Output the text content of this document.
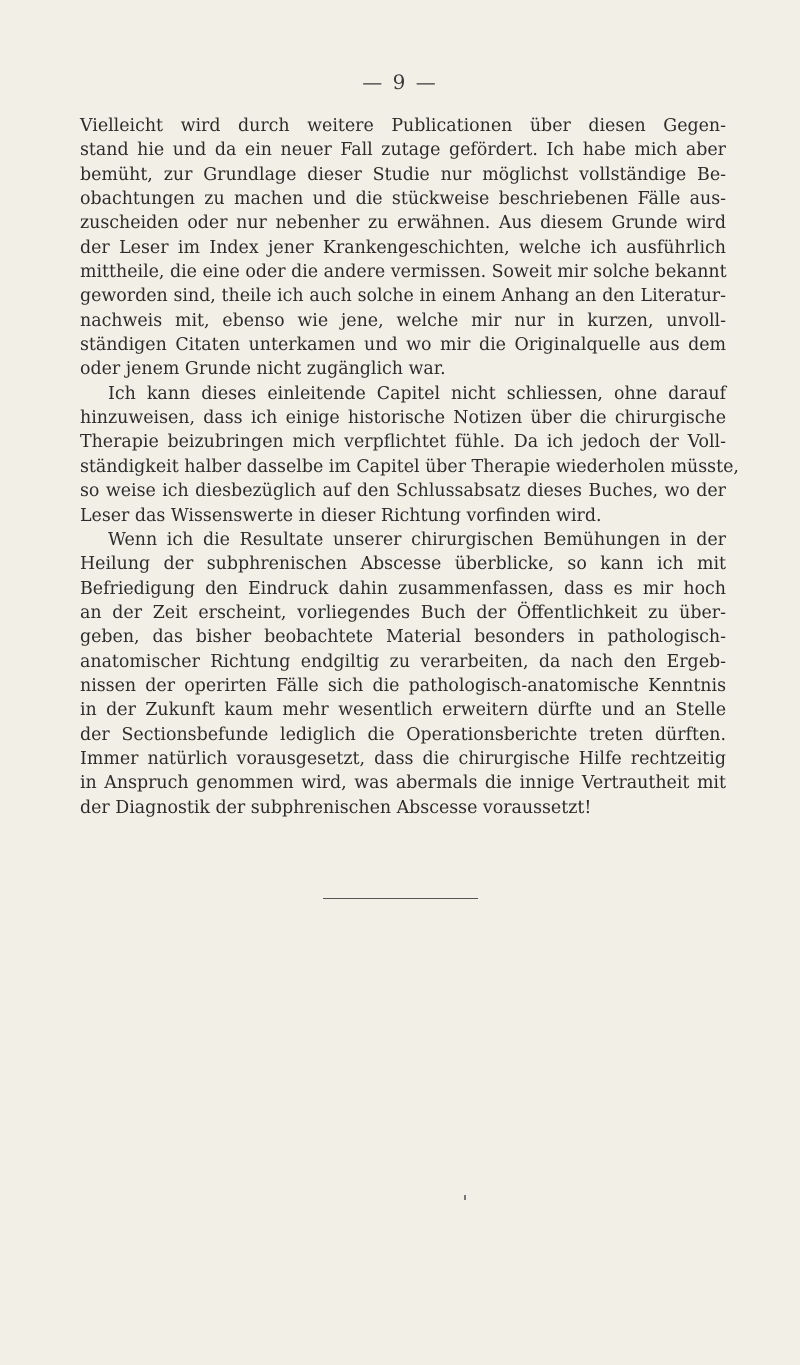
— 9 —
Vielleicht wird durch weitere Publicationen über diesen Gegen-
stand hie und da ein neuer Fall zutage gefördert. Ich habe mich aber
bemüht, zur Grundlage dieser Studie nur möglichst vollständige Be-
obachtungen zu machen und die stückweise beschriebenen Fälle aus-
zuscheiden oder nur nebenher zu erwähnen. Aus diesem Grunde wird
der Leser im Index jener Krankengeschichten, welche ich ausführlich
mittheile, die eine oder die andere vermissen. Soweit mir solche bekannt
geworden sind, theile ich auch solche in einem Anhang an den Literatur-
nachweis mit, ebenso wie jene, welche mir nur in kurzen, unvoll-
ständigen Citaten unterkamen und wo mir die Originalquelle aus dem
oder jenem Grunde nicht zugänglich war.
Ich kann dieses einleitende Capitel nicht schliessen, ohne darauf
hinzuweisen, dass ich einige historische Notizen über die chirurgische
Therapie beizubringen mich verpflichtet fühle. Da ich jedoch der Voll-
ständigkeit halber dasselbe im Capitel über Therapie wiederholen müsste,
so weise ich diesbezüglich auf den Schlussabsatz dieses Buches, wo der
Leser das Wissenswerte in dieser Richtung vorfinden wird.
Wenn ich die Resultate unserer chirurgischen Bemühungen in der
Heilung der subphrenischen Abscesse überblicke, so kann ich mit
Befriedigung den Eindruck dahin zusammenfassen, dass es mir hoch
an der Zeit erscheint, vorliegendes Buch der Öffentlichkeit zu über-
geben, das bisher beobachtete Material besonders in pathologisch-
anatomischer Richtung endgiltig zu verarbeiten, da nach den Ergeb-
nissen der operirten Fälle sich die pathologisch-anatomische Kenntnis
in der Zukunft kaum mehr wesentlich erweitern dürfte und an Stelle
der Sectionsbefunde lediglich die Operationsberichte treten dürften.
Immer natürlich vorausgesetzt, dass die chirurgische Hilfe rechtzeitig
in Anspruch genommen wird, was abermals die innige Vertrautheit mit
der Diagnostik der subphrenischen Abscesse voraussetzt!
